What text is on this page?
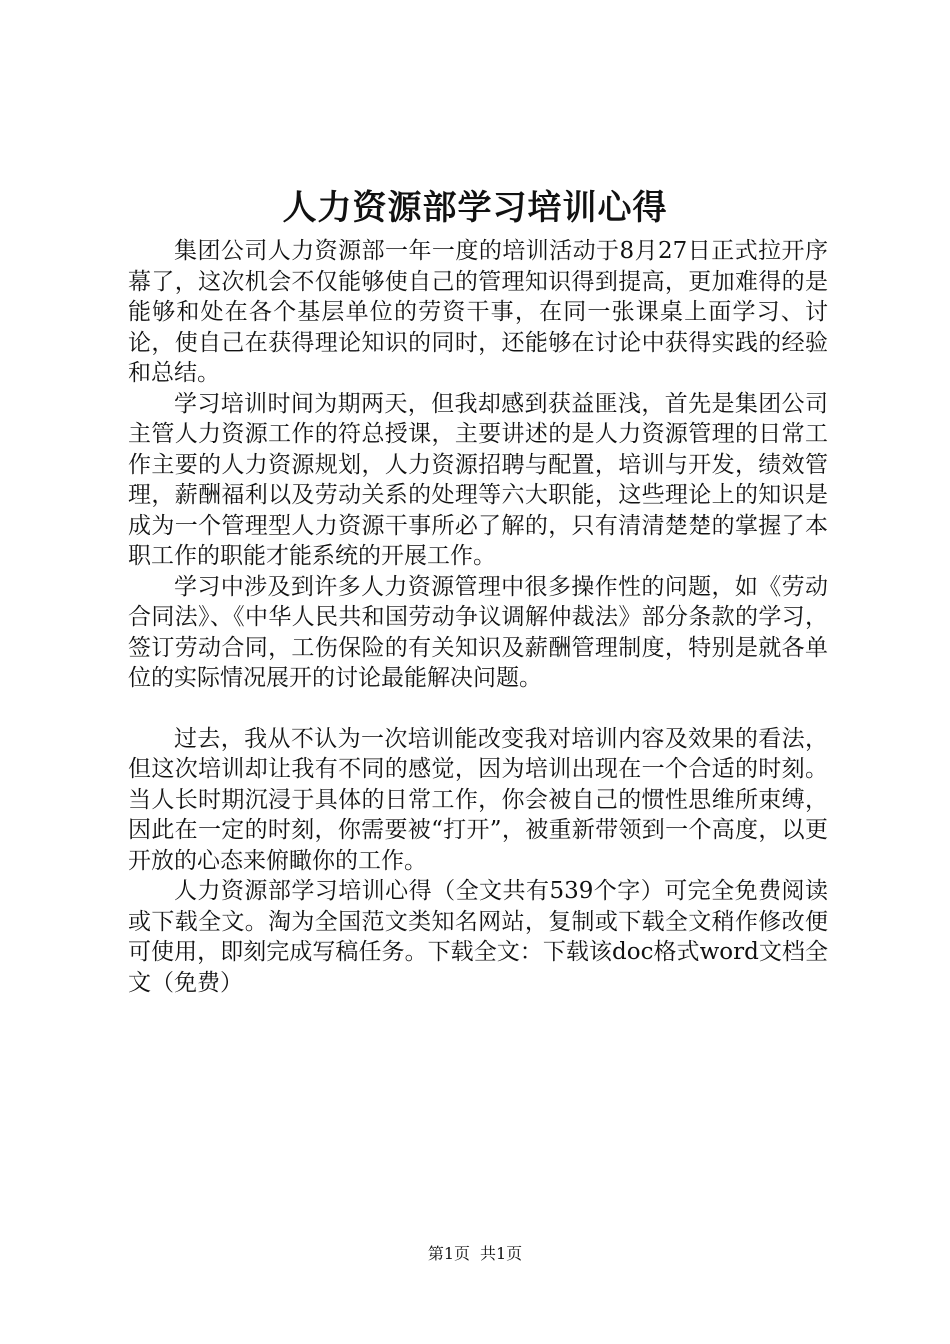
人力资源部学习培训心得

集团公司人力资源部一年一度的培训活动于8月27日正式拉开序幕了，这次机会不仅能够使自己的管理知识得到提高，更加难得的是能够和处在各个基层单位的劳资干事，在同一张课桌上面学习、讨论，使自己在获得理论知识的同时，还能够在讨论中获得实践的经验和总结。

学习培训时间为期两天，但我却感到获益匪浅，首先是集团公司主管人力资源工作的符总授课，主要讲述的是人力资源管理的日常工作主要的人力资源规划，人力资源招聘与配置，培训与开发，绩效管理，薪酬福利以及劳动关系的处理等六大职能，这些理论上的知识是成为一个管理型人力资源干事所必了解的，只有清清楚楚的掌握了本职工作的职能才能系统的开展工作。

学习中涉及到许多人力资源管理中很多操作性的问题，如《劳动合同法》、《中华人民共和国劳动争议调解仲裁法》部分条款的学习，签订劳动合同，工伤保险的有关知识及薪酬管理制度，特别是就各单位的实际情况展开的讨论最能解决问题。

过去，我从不认为一次培训能改变我对培训内容及效果的看法，但这次培训却让我有不同的感觉，因为培训出现在一个合适的时刻。当人长时期沉浸于具体的日常工作，你会被自己的惯性思维所束缚，因此在一定的时刻，你需要被“打开”，被重新带领到一个高度，以更开放的心态来俯瞰你的工作。

人力资源部学习培训心得（全文共有539个字）可完全免费阅读或下载全文。淘为全国范文类知名网站，复制或下载全文稍作修改便可使用，即刻完成写稿任务。下载全文：下载该doc格式word文档全文（免费）

第1页 共1页
